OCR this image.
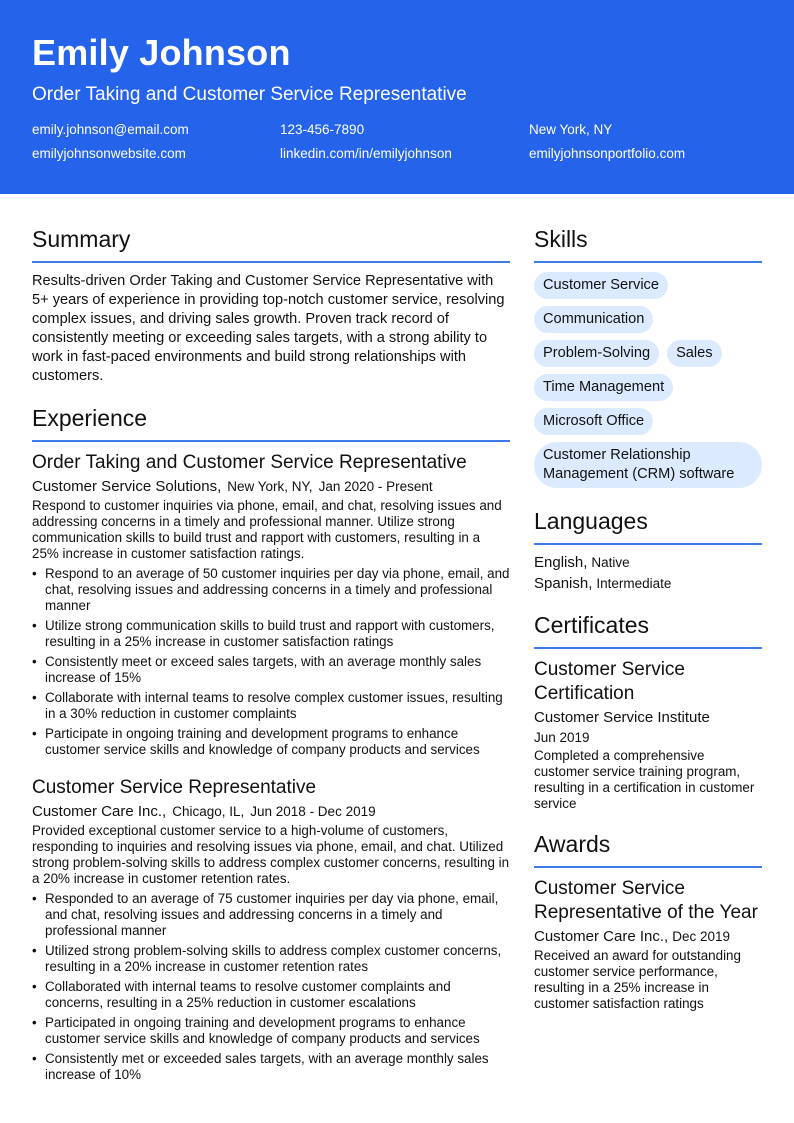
Emily Johnson
Order Taking and Customer Service Representative
emily.johnson@email.com	123-456-7890	New York, NY
emilyjohnsonwebsite.com	linkedin.com/in/emilyjohnson	emilyjohnsonportfolio.com
Summary

Results-driven Order Taking and Customer Service Representative with 5+ years of experience in providing top-notch customer service, resolving complex issues, and driving sales growth. Proven track record of consistently meeting or exceeding sales targets, with a strong ability to work in fast-paced environments and build strong relationships with customers.

Experience
Order Taking and Customer Service Representative
Customer Service Solutions, New York, NY, Jan 2020 - Present

Respond to customer inquiries via phone, email, and chat, resolving issues and addressing concerns in a timely and professional manner. Utilize strong communication skills to build trust and rapport with customers, resulting in a 25% increase in customer satisfaction ratings.

• Respond to an average of 50 customer inquiries per day via phone, email, and chat, resolving issues and addressing concerns in a timely and professional manner
• Utilize strong communication skills to build trust and rapport with customers, resulting in a 25% increase in customer satisfaction ratings
• Consistently meet or exceed sales targets, with an average monthly sales increase of 15%
• Collaborate with internal teams to resolve complex customer issues, resulting in a 30% reduction in customer complaints
• Participate in ongoing training and development programs to enhance customer service skills and knowledge of company products and services
Customer Service Representative
Customer Care Inc., Chicago, IL, Jun 2018 - Dec 2019

Provided exceptional customer service to a high-volume of customers, responding to inquiries and resolving issues via phone, email, and chat. Utilized strong problem-solving skills to address complex customer concerns, resulting in a 20% increase in customer retention rates.

• Responded to an average of 75 customer inquiries per day via phone, email, and chat, resolving issues and addressing concerns in a timely and professional manner
• Utilized strong problem-solving skills to address complex customer concerns, resulting in a 20% increase in customer retention rates
• Collaborated with internal teams to resolve customer complaints and concerns, resulting in a 25% reduction in customer escalations
• Participated in ongoing training and development programs to enhance customer service skills and knowledge of company products and services
• Consistently met or exceeded sales targets, with an average monthly sales increase of 10%
Skills
Customer Service
Communication
Problem-Solving	Sales
Time Management
Microsoft Office
Customer Relationship Management (CRM) software
Languages
English, Native
Spanish, Intermediate
Certificates
Customer Service Certification
Customer Service Institute
Jun 2019

Completed a comprehensive customer service training program, resulting in a certification in customer service

Awards
Customer Service Representative of the Year
Customer Care Inc., Dec 2019

Received an award for outstanding customer service performance, resulting in a 25% increase in customer satisfaction ratings
